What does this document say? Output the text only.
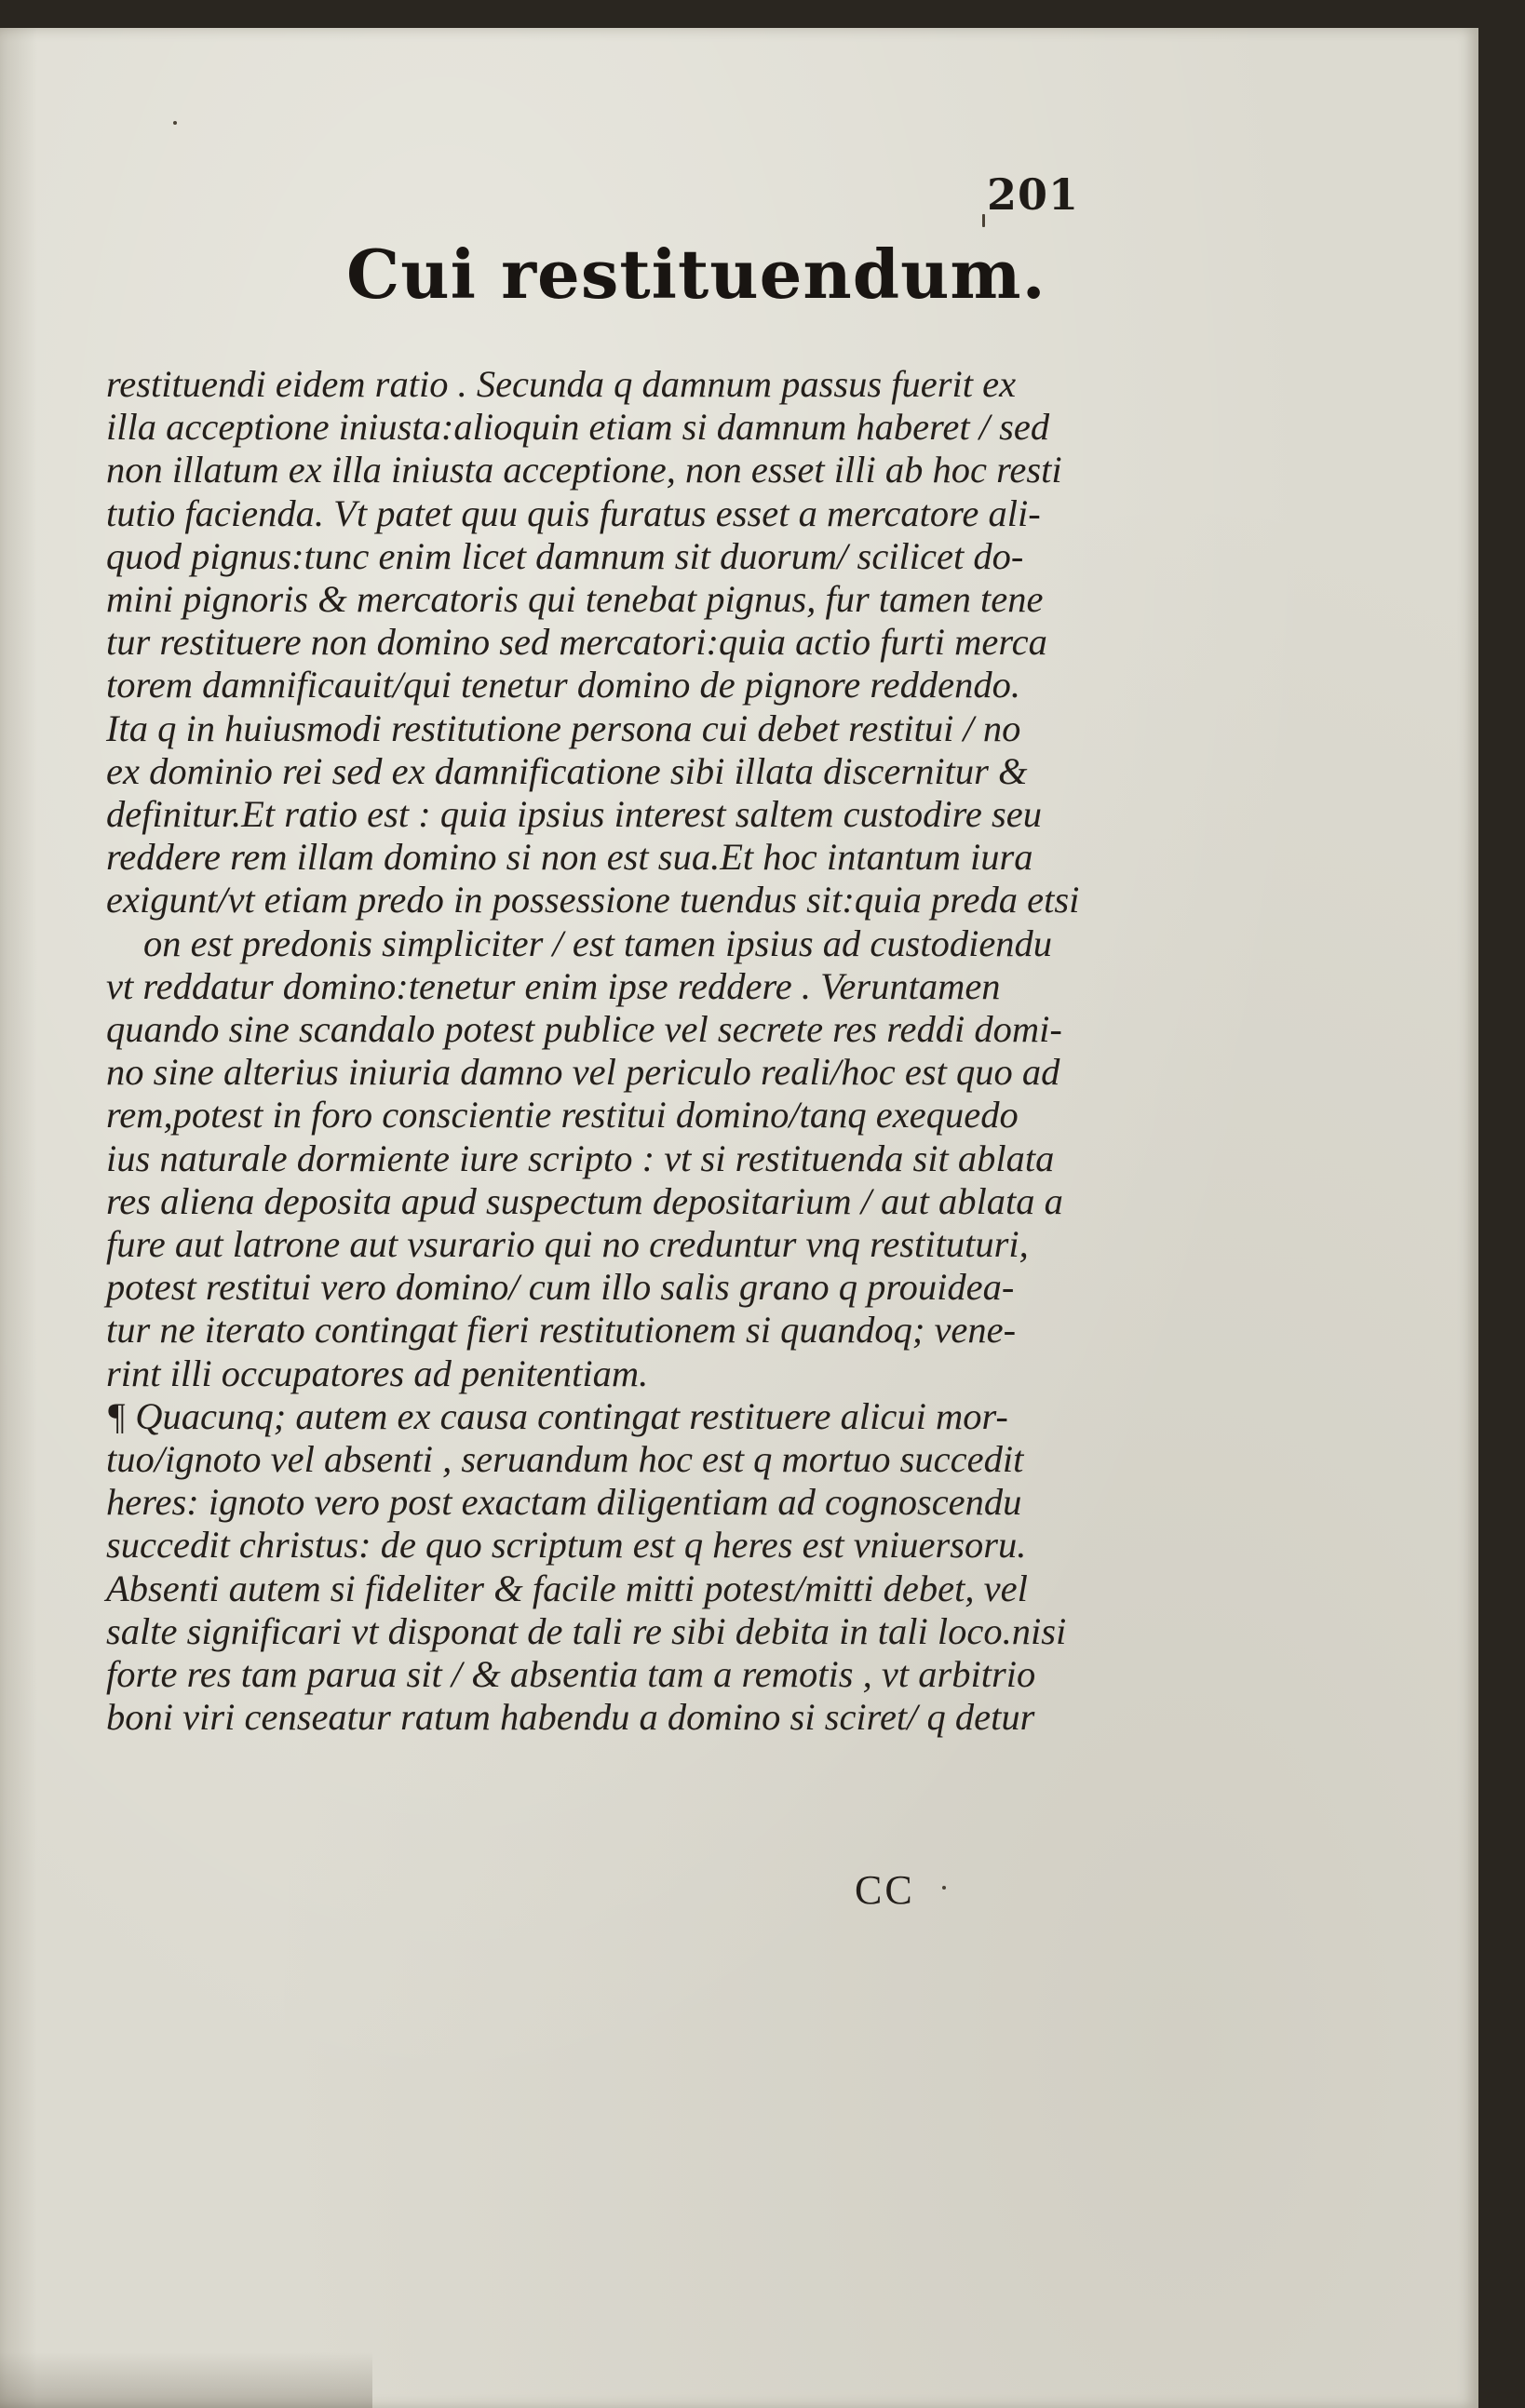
201
Cui restituendum.
restituendi eidem ratio . Secunda q damnum passus fuerit ex
illa acceptione iniusta:alioquin etiam si damnum haberet / sed
non illatum ex illa iniusta acceptione, non esset illi ab hoc resti
tutio facienda. Vt patet quu quis furatus esset a mercatore ali-
quod pignus:tunc enim licet damnum sit duorum/ scilicet do-
mini pignoris & mercatoris qui tenebat pignus, fur tamen tene
tur restituere non domino sed mercatori:quia actio furti merca
torem damnificauit/qui tenetur domino de pignore reddendo.
Ita q in huiusmodi restitutione persona cui debet restitui / no
ex dominio rei sed ex damnificatione sibi illata discernitur &
definitur.Et ratio est : quia ipsius interest saltem custodire seu
reddere rem illam domino si non est sua.Et hoc intantum iura
exigunt/vt etiam predo in possessione tuendus sit:quia preda etsi
on est predonis simpliciter / est tamen ipsius ad custodiendu
vt reddatur domino:tenetur enim ipse reddere . Veruntamen
quando sine scandalo potest publice vel secrete res reddi domi-
no sine alterius iniuria damno vel periculo reali/hoc est quo ad
rem,potest in foro conscientie restitui domino/tanq exequedo
ius naturale dormiente iure scripto : vt si restituenda sit ablata
res aliena deposita apud suspectum depositarium / aut ablata a
fure aut latrone aut vsurario qui no creduntur vnq restituturi,
potest restitui vero domino/ cum illo salis grano q prouidea-
tur ne iterato contingat fieri restitutionem si quandoq; vene-
rint illi occupatores ad penitentiam.
¶ Quacunq; autem ex causa contingat restituere alicui mor-
tuo/ignoto vel absenti , seruandum hoc est q mortuo succedit
heres: ignoto vero post exactam diligentiam ad cognoscendu
succedit christus: de quo scriptum est q heres est vniuersoru.
Absenti autem si fideliter & facile mitti potest/mitti debet, vel
salte significari vt disponat de tali re sibi debita in tali loco.nisi
forte res tam parua sit / & absentia tam a remotis , vt arbitrio
boni viri censeatur ratum habendu a domino si sciret/ q detur
CC
